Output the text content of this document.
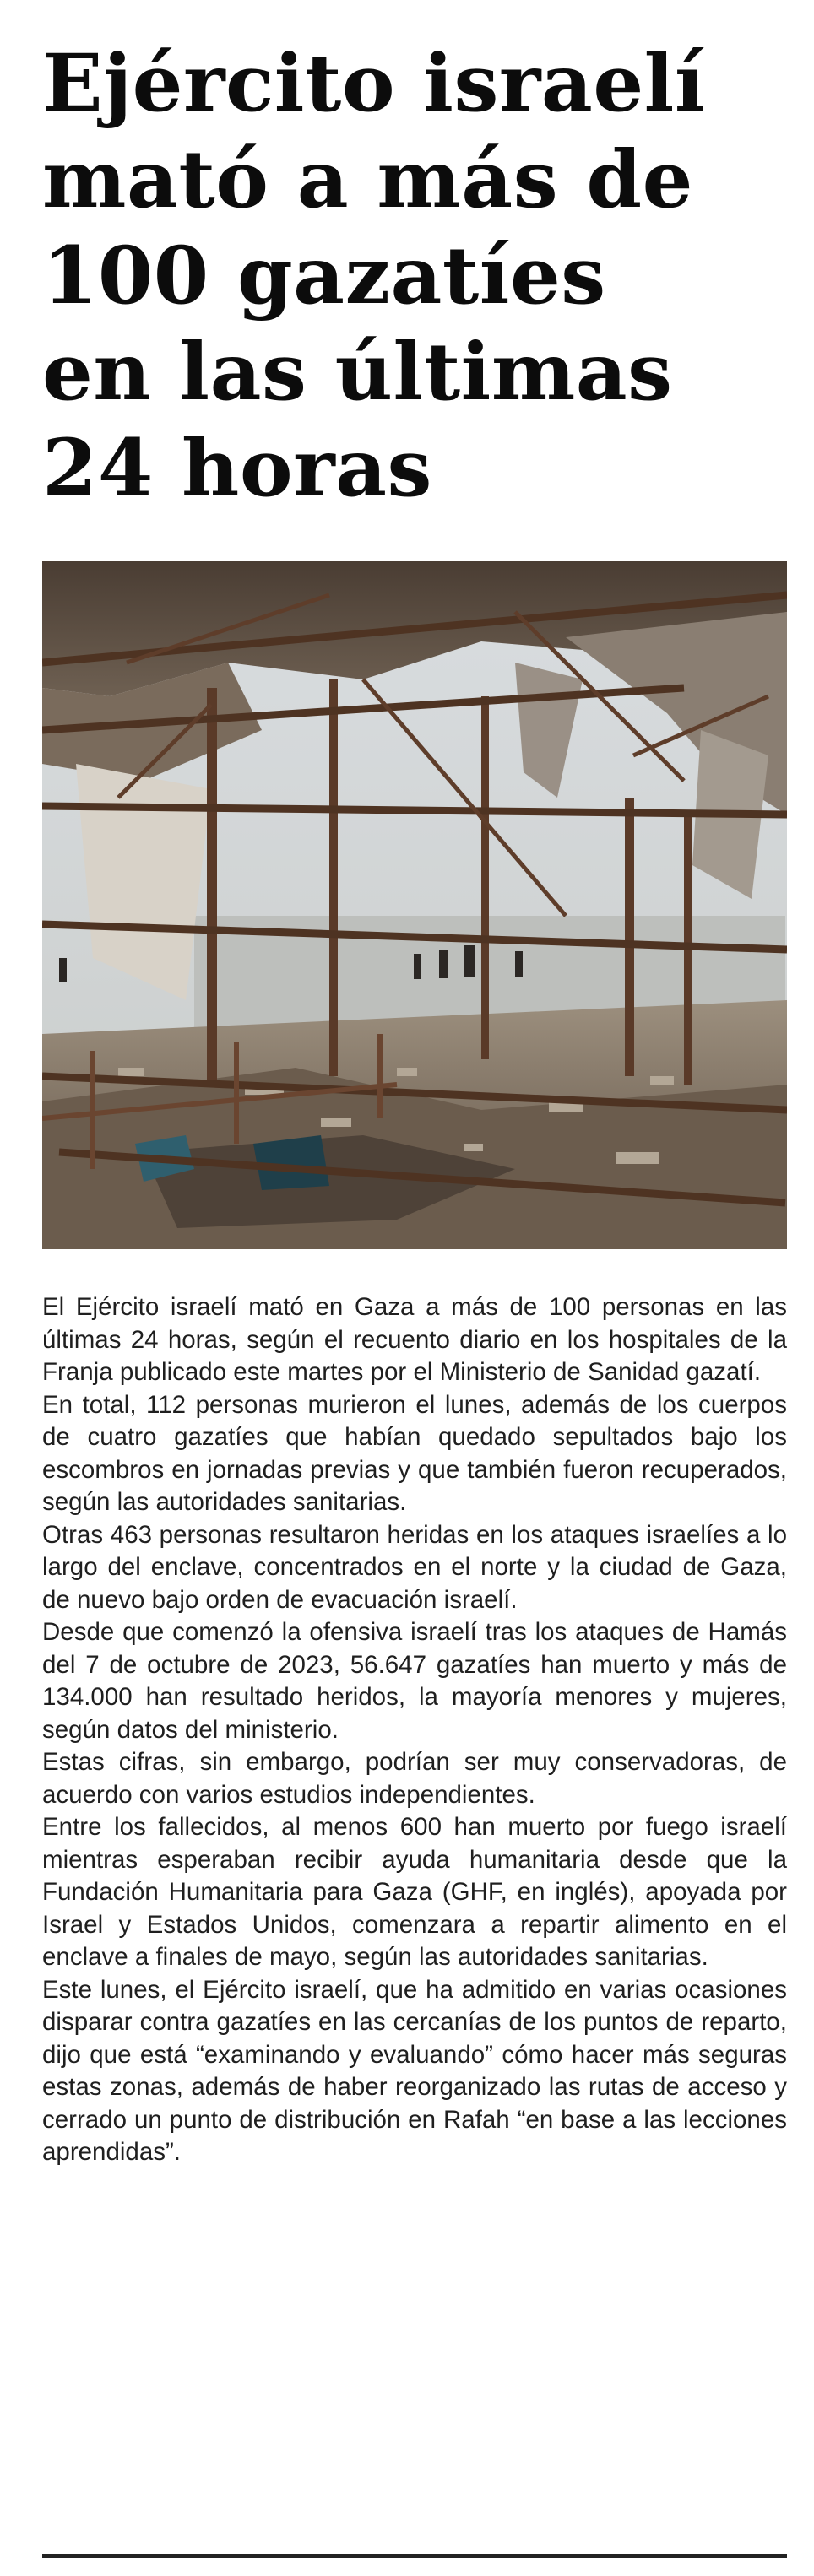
Ejército israelí
mató a más de
100 gazatíes
en las últimas
24 horas

El Ejército israelí mató en Gaza a más de 100 personas en las últimas 24 horas, según el recuento diario en los hospitales de la Franja publicado este martes por el Ministerio de Sanidad gazatí.

En total, 112 personas murieron el lunes, además de los cuerpos de cuatro gazatíes que habían quedado sepultados bajo los escombros en jornadas previas y que también fueron recuperados, según las autoridades sanitarias.

Otras 463 personas resultaron heridas en los ataques israelíes a lo largo del enclave, concentrados en el norte y la ciudad de Gaza, de nuevo bajo orden de evacuación israelí.

Desde que comenzó la ofensiva israelí tras los ataques de Hamás del 7 de octubre de 2023, 56.647 gazatíes han muerto y más de 134.000 han resultado heridos, la mayoría menores y mujeres, según datos del ministerio.

Estas cifras, sin embargo, podrían ser muy conservadoras, de acuerdo con varios estudios independientes.

Entre los fallecidos, al menos 600 han muerto por fuego israelí mientras esperaban recibir ayuda humanitaria desde que la Fundación Humanitaria para Gaza (GHF, en inglés), apoyada por Israel y Estados Unidos, comenzara a repartir alimento en el enclave a finales de mayo, según las autoridades sanitarias.

Este lunes, el Ejército israelí, que ha admitido en varias ocasiones disparar contra gazatíes en las cercanías de los puntos de reparto, dijo que está “examinando y evaluando” cómo hacer más seguras estas zonas, además de haber reorganizado las rutas de acceso y cerrado un punto de distribución en Rafah “en base a las lecciones aprendidas”.
